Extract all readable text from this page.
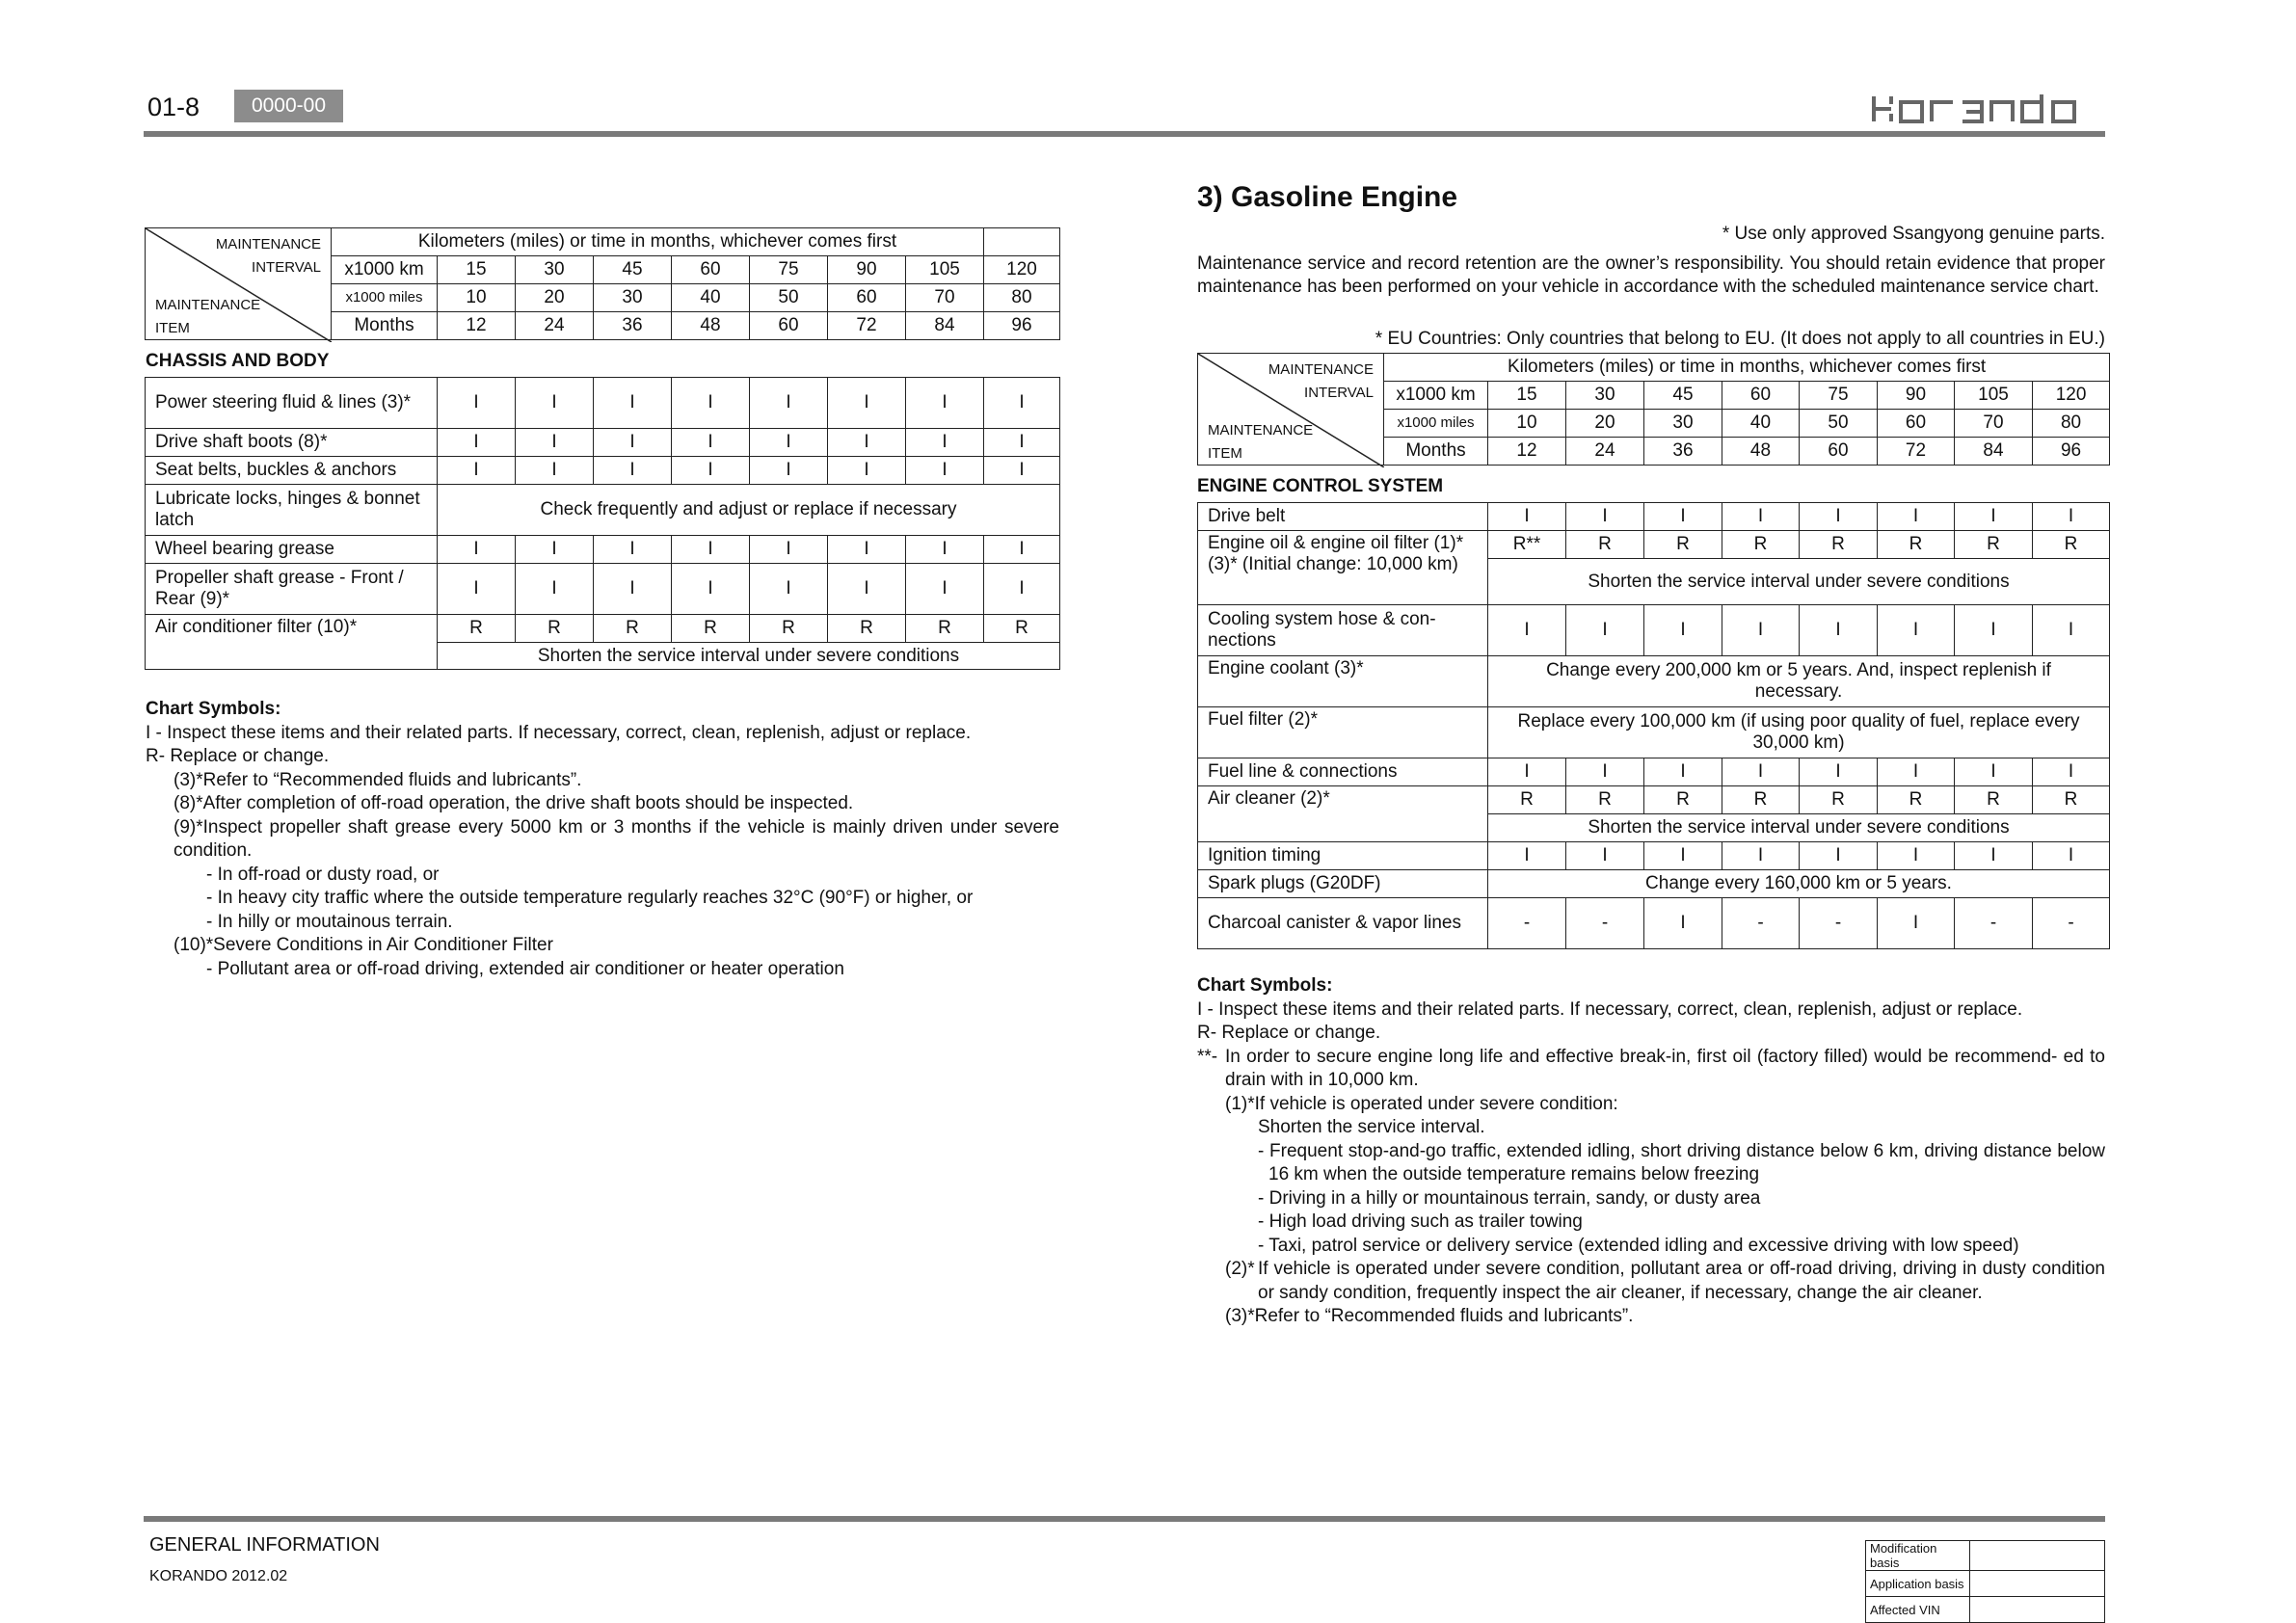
01-8	0000-00
MAINTENANCE
INTERVAL
MAINTENANCE
ITEM	Kilometers (miles) or time in months, whichever comes first								
	x1000 km	15	30	45	60	75	90	105	120
	x1000 miles	10	20	30	40	50	60	70	80
	Months	12	24	36	48	60	72	84	96
CHASSIS AND BODY
Power steering fluid & lines (3)*	I	I	I	I	I	I	I	I
Drive shaft boots (8)*	I	I	I	I	I	I	I	I
Seat belts, buckles & anchors	I	I	I	I	I	I	I	I
Lubricate locks, hinges & bonnet latch	Check frequently and adjust or replace if necessary							
Wheel bearing grease	I	I	I	I	I	I	I	I
Propeller shaft grease - Front / Rear (9)*	I	I	I	I	I	I	I	I
Air conditioner filter (10)*	R	R	R	R	R	R	R	R
	Shorten the service interval under severe conditions							
Chart Symbols:
I - Inspect these items and their related parts. If necessary, correct, clean, replenish, adjust or replace.
R- Replace or change.
(3)*Refer to “Recommended fluids and lubricants”.
(8)*After completion of off-road operation, the drive shaft boots should be inspected.
(9)*Inspect propeller shaft grease every 5000 km or 3 months if the vehicle is mainly driven under severe condition.
- In off-road or dusty road, or
- In heavy city traffic where the outside temperature regularly reaches 32°C (90°F) or higher, or
- In hilly or moutainous terrain.
(10)*Severe Conditions in Air Conditioner Filter
- Pollutant area or off-road driving, extended air conditioner or heater operation
3) Gasoline Engine
* Use only approved Ssangyong genuine parts.
Maintenance service and record retention are the owner’s responsibility. You should retain evidence that proper maintenance has been performed on your vehicle in accordance with the scheduled maintenance service chart.
* EU Countries: Only countries that belong to EU. (It does not apply to all countries in EU.)
MAINTENANCE
INTERVAL
MAINTENANCE
ITEM	Kilometers (miles) or time in months, whichever comes first								
	x1000 km	15	30	45	60	75	90	105	120
	x1000 miles	10	20	30	40	50	60	70	80
	Months	12	24	36	48	60	72	84	96
ENGINE CONTROL SYSTEM
Drive belt	I	I	I	I	I	I	I	I
Engine oil & engine oil filter (1)* (3)* (Initial change: 10,000 km)	R**	R	R	R	R	R	R	R
	Shorten the service interval under severe conditions							
Cooling system hose & con- nections	I	I	I	I	I	I	I	I
Engine coolant (3)*	Change every 200,000 km or 5 years. And, inspect replenish if necessary.							
Fuel filter (2)*	Replace every 100,000 km (if using poor quality of fuel, replace every 30,000 km)							
Fuel line & connections	I	I	I	I	I	I	I	I
Air cleaner (2)*	R	R	R	R	R	R	R	R
	Shorten the service interval under severe conditions							
Ignition timing	I	I	I	I	I	I	I	I
Spark plugs (G20DF)	Change every 160,000 km or 5 years.							
Charcoal canister & vapor lines	-	-	I	-	-	I	-	-
Chart Symbols:
I - Inspect these items and their related parts. If necessary, correct, clean, replenish, adjust or replace.
R- Replace or change.
**- In order to secure engine long life and effective break-in, first oil (factory filled) would be recommend- ed to drain with in 10,000 km.
(1)*If vehicle is operated under severe condition:
Shorten the service interval.
- Frequent stop-and-go traffic, extended idling, short driving distance below 6 km, driving distance below 16 km when the outside temperature remains below freezing
- Driving in a hilly or mountainous terrain, sandy, or dusty area
- High load driving such as trailer towing
- Taxi, patrol service or delivery service (extended idling and excessive driving with low speed)
(2)* If vehicle is operated under severe condition, pollutant area or off-road driving, driving in dusty condition or sandy condition, frequently inspect the air cleaner, if necessary, change the air cleaner.
(3)*Refer to “Recommended fluids and lubricants”.
GENERAL INFORMATION
KORANDO 2012.02
Modification basis	
Application basis	
Affected VIN	
